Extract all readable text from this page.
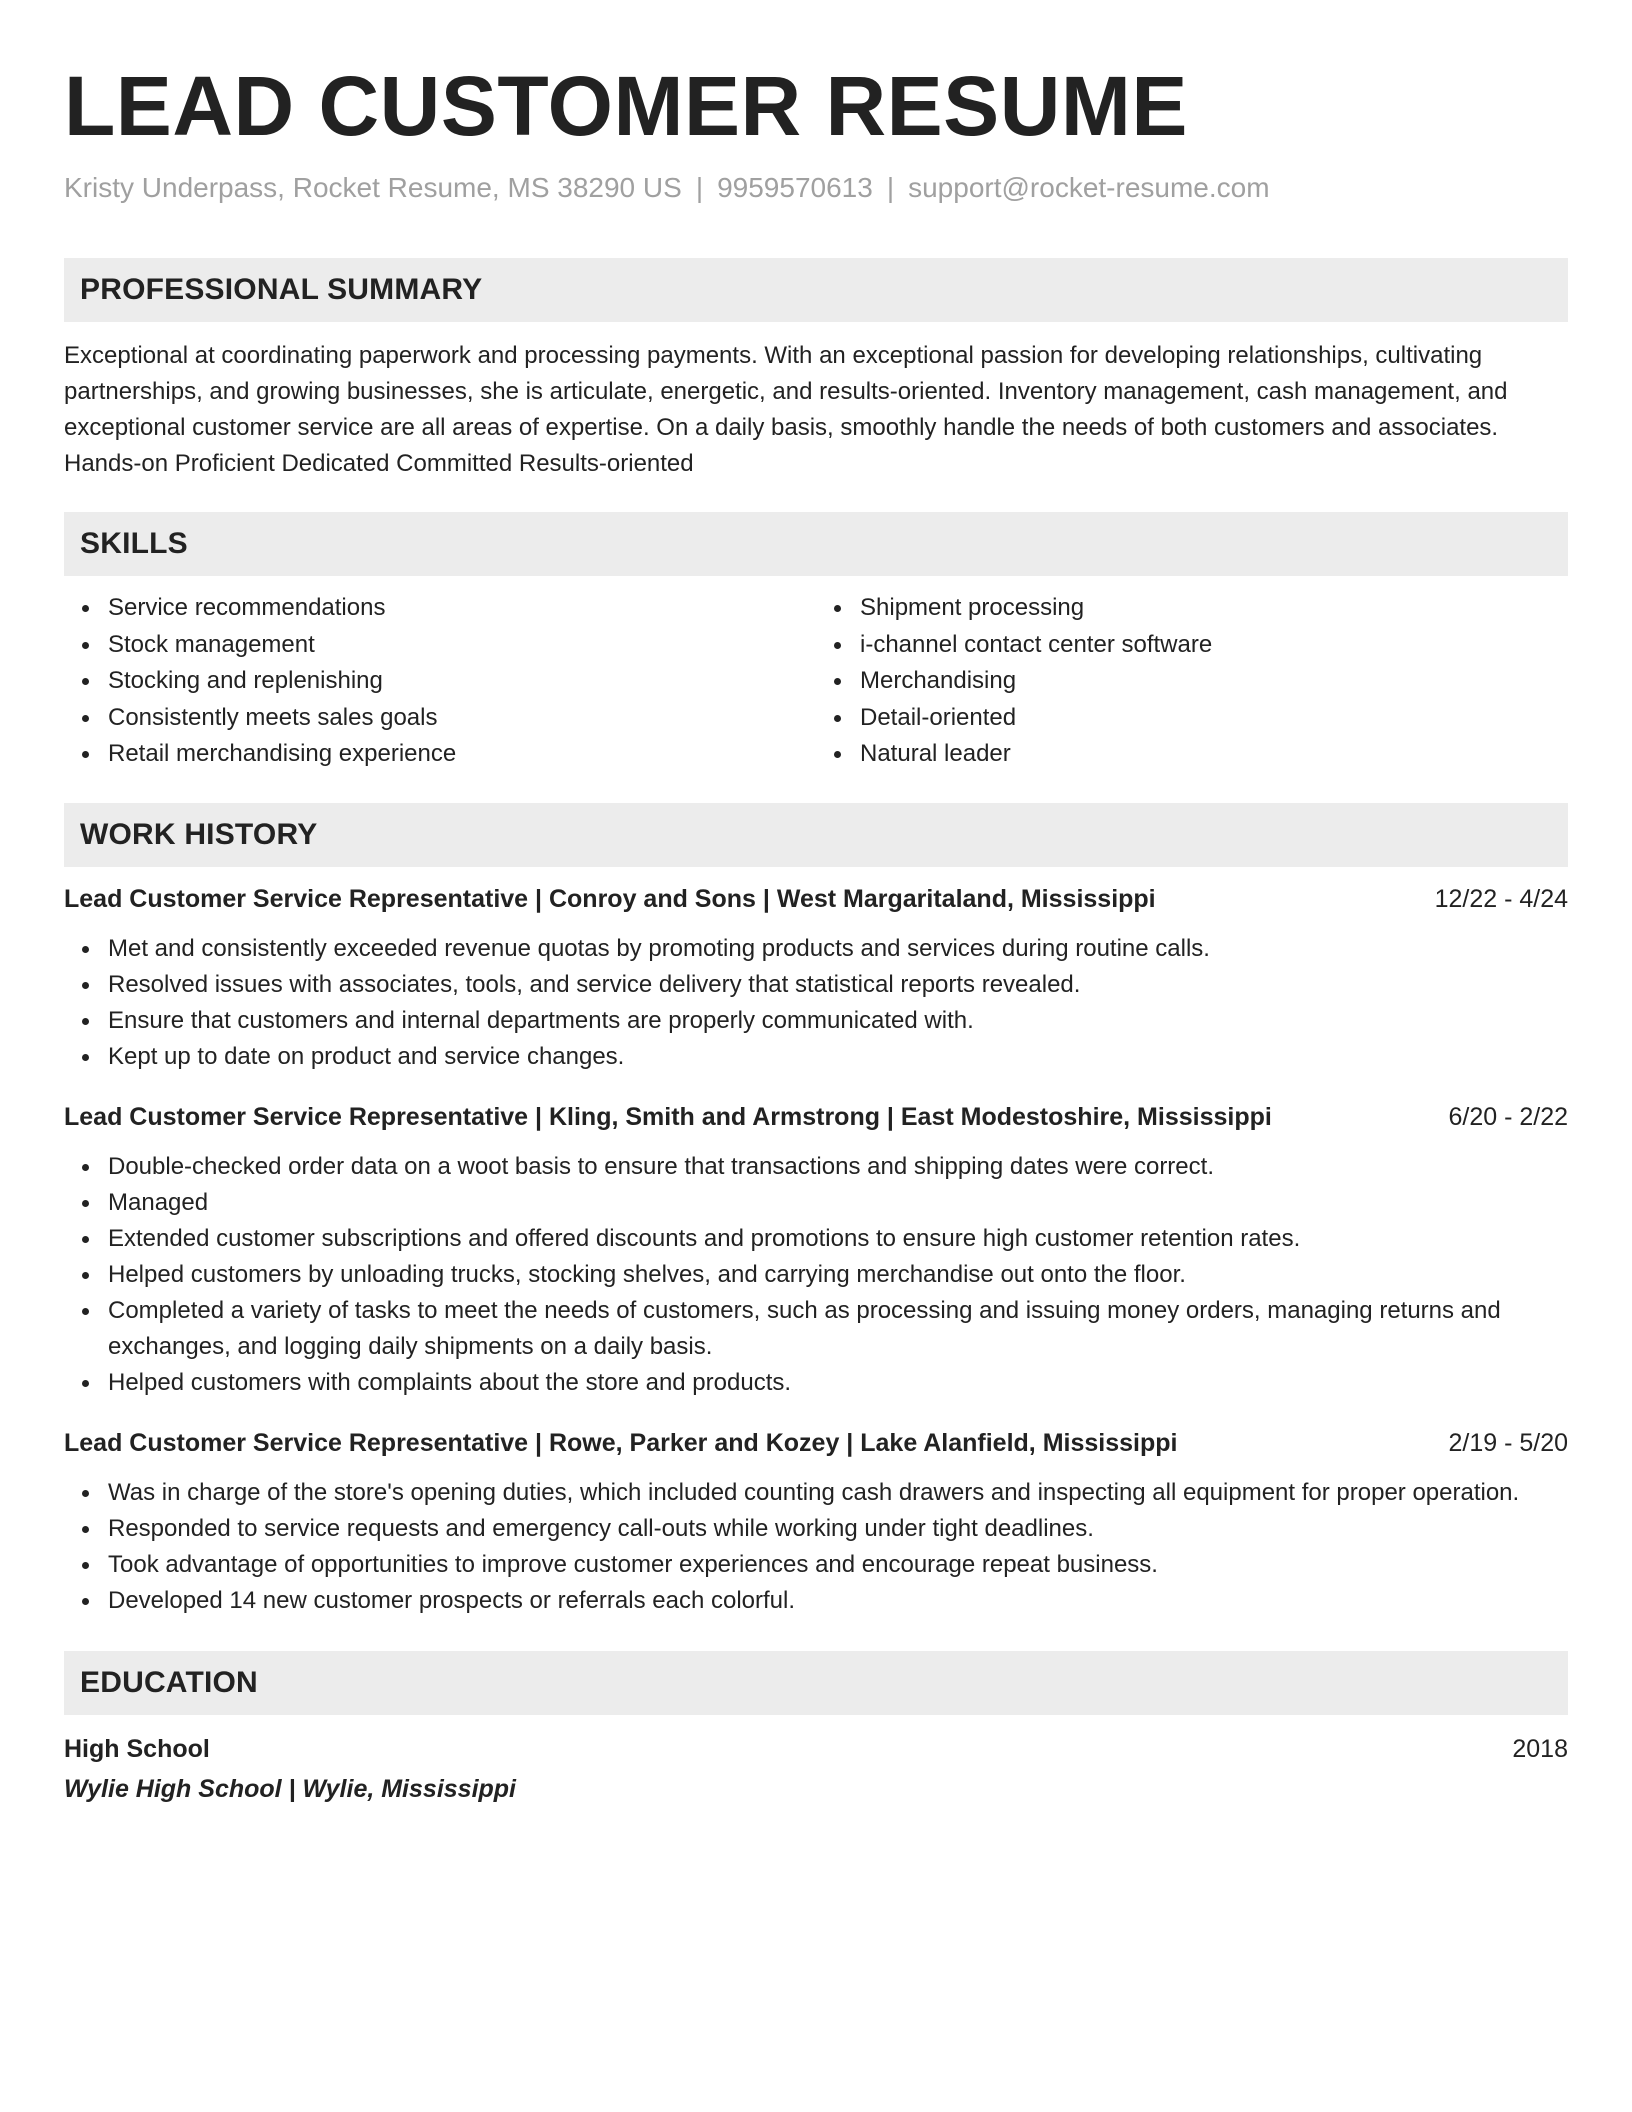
LEAD CUSTOMER RESUME
Kristy Underpass, Rocket Resume, MS 38290 US | 9959570613 | support@rocket-resume.com
PROFESSIONAL SUMMARY
Exceptional at coordinating paperwork and processing payments. With an exceptional passion for developing relationships, cultivating partnerships, and growing businesses, she is articulate, energetic, and results-oriented. Inventory management, cash management, and exceptional customer service are all areas of expertise. On a daily basis, smoothly handle the needs of both customers and associates. Hands-on Proficient Dedicated Committed Results-oriented
SKILLS
Service recommendations
Stock management
Stocking and replenishing
Consistently meets sales goals
Retail merchandising experience
Shipment processing
i-channel contact center software
Merchandising
Detail-oriented
Natural leader
WORK HISTORY
Lead Customer Service Representative | Conroy and Sons | West Margaritaland, Mississippi	12/22 - 4/24
Met and consistently exceeded revenue quotas by promoting products and services during routine calls.
Resolved issues with associates, tools, and service delivery that statistical reports revealed.
Ensure that customers and internal departments are properly communicated with.
Kept up to date on product and service changes.
Lead Customer Service Representative | Kling, Smith and Armstrong | East Modestoshire, Mississippi	6/20 - 2/22
Double-checked order data on a woot basis to ensure that transactions and shipping dates were correct.
Managed
Extended customer subscriptions and offered discounts and promotions to ensure high customer retention rates.
Helped customers by unloading trucks, stocking shelves, and carrying merchandise out onto the floor.
Completed a variety of tasks to meet the needs of customers, such as processing and issuing money orders, managing returns and exchanges, and logging daily shipments on a daily basis.
Helped customers with complaints about the store and products.
Lead Customer Service Representative | Rowe, Parker and Kozey | Lake Alanfield, Mississippi	2/19 - 5/20
Was in charge of the store's opening duties, which included counting cash drawers and inspecting all equipment for proper operation.
Responded to service requests and emergency call-outs while working under tight deadlines.
Took advantage of opportunities to improve customer experiences and encourage repeat business.
Developed 14 new customer prospects or referrals each colorful.
EDUCATION
High School	2018
Wylie High School | Wylie, Mississippi
